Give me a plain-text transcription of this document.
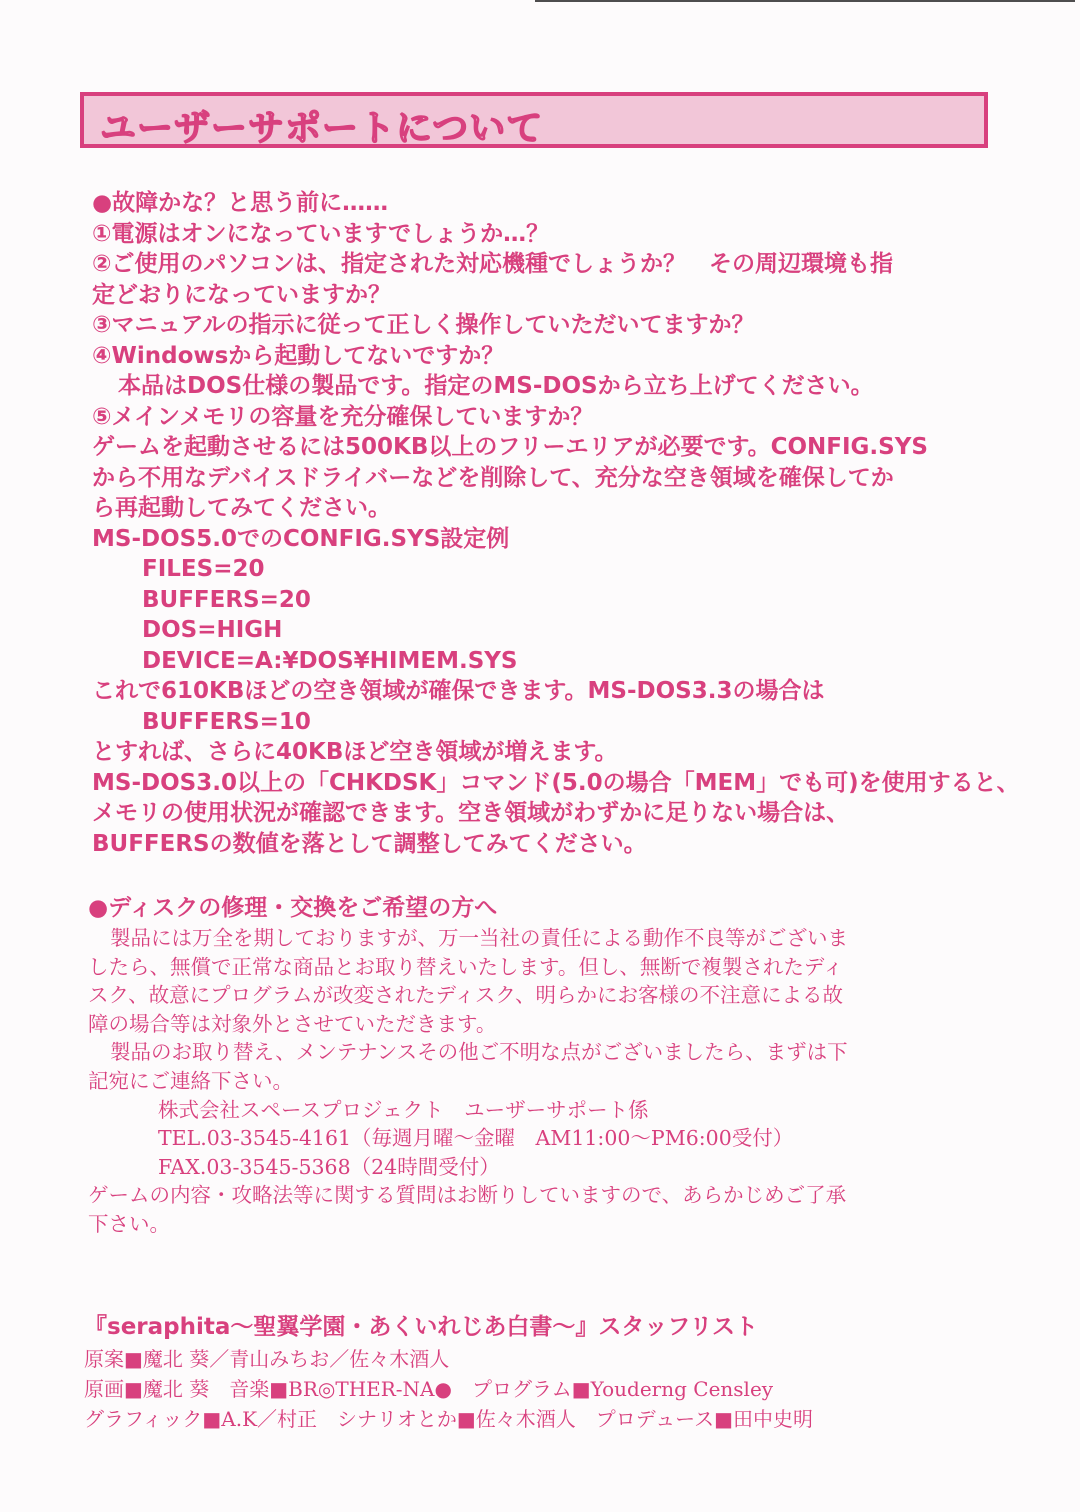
ユーザーサポートについて
●故障かな？と思う前に……
①電源はオンになっていますでしょうか…？
②ご使用のパソコンは、指定された対応機種でしょうか？　その周辺環境も指
定どおりになっていますか？
③マニュアルの指示に従って正しく操作していただいてますか？
④Windowsから起動してないですか？
本品はDOS仕様の製品です。指定のMS-DOSから立ち上げてください。
⑤メインメモリの容量を充分確保していますか？
ゲームを起動させるには500KB以上のフリーエリアが必要です。CONFIG.SYS
から不用なデバイスドライバーなどを削除して、充分な空き領域を確保してか
ら再起動してみてください。
MS-DOS5.0でのCONFIG.SYS設定例
FILES=20
BUFFERS=20
DOS=HIGH
DEVICE=A:¥DOS¥HIMEM.SYS
これで610KBほどの空き領域が確保できます。MS-DOS3.3の場合は
BUFFERS=10
とすれば、さらに40KBほど空き領域が増えます。
MS-DOS3.0以上の「CHKDSK」コマンド(5.0の場合「MEM」でも可)を使用すると、
メモリの使用状況が確認できます。空き領域がわずかに足りない場合は、
BUFFERSの数値を落として調整してみてください。
●ディスクの修理・交換をご希望の方へ
製品には万全を期しておりますが、万一当社の責任による動作不良等がございま
したら、無償で正常な商品とお取り替えいたします。但し、無断で複製されたディ
スク、故意にプログラムが改変されたディスク、明らかにお客様の不注意による故
障の場合等は対象外とさせていただきます。
製品のお取り替え、メンテナンスその他ご不明な点がございましたら、まずは下
記宛にご連絡下さい。
株式会社スペースプロジェクト　ユーザーサポート係
TEL.03-3545-4161（毎週月曜〜金曜　AM11:00〜PM6:00受付）
FAX.03-3545-5368（24時間受付）
ゲームの内容・攻略法等に関する質問はお断りしていますので、あらかじめご了承
下さい。
『seraphita〜聖翼学園・あくいれじあ白書〜』スタッフリスト
原案■魔北 葵／青山みちお／佐々木酒人
原画■魔北 葵　音楽■BR◎THER-NA●　プログラム■Youderng Censley
グラフィック■A.K／村正　シナリオとか■佐々木酒人　プロデュース■田中史明
